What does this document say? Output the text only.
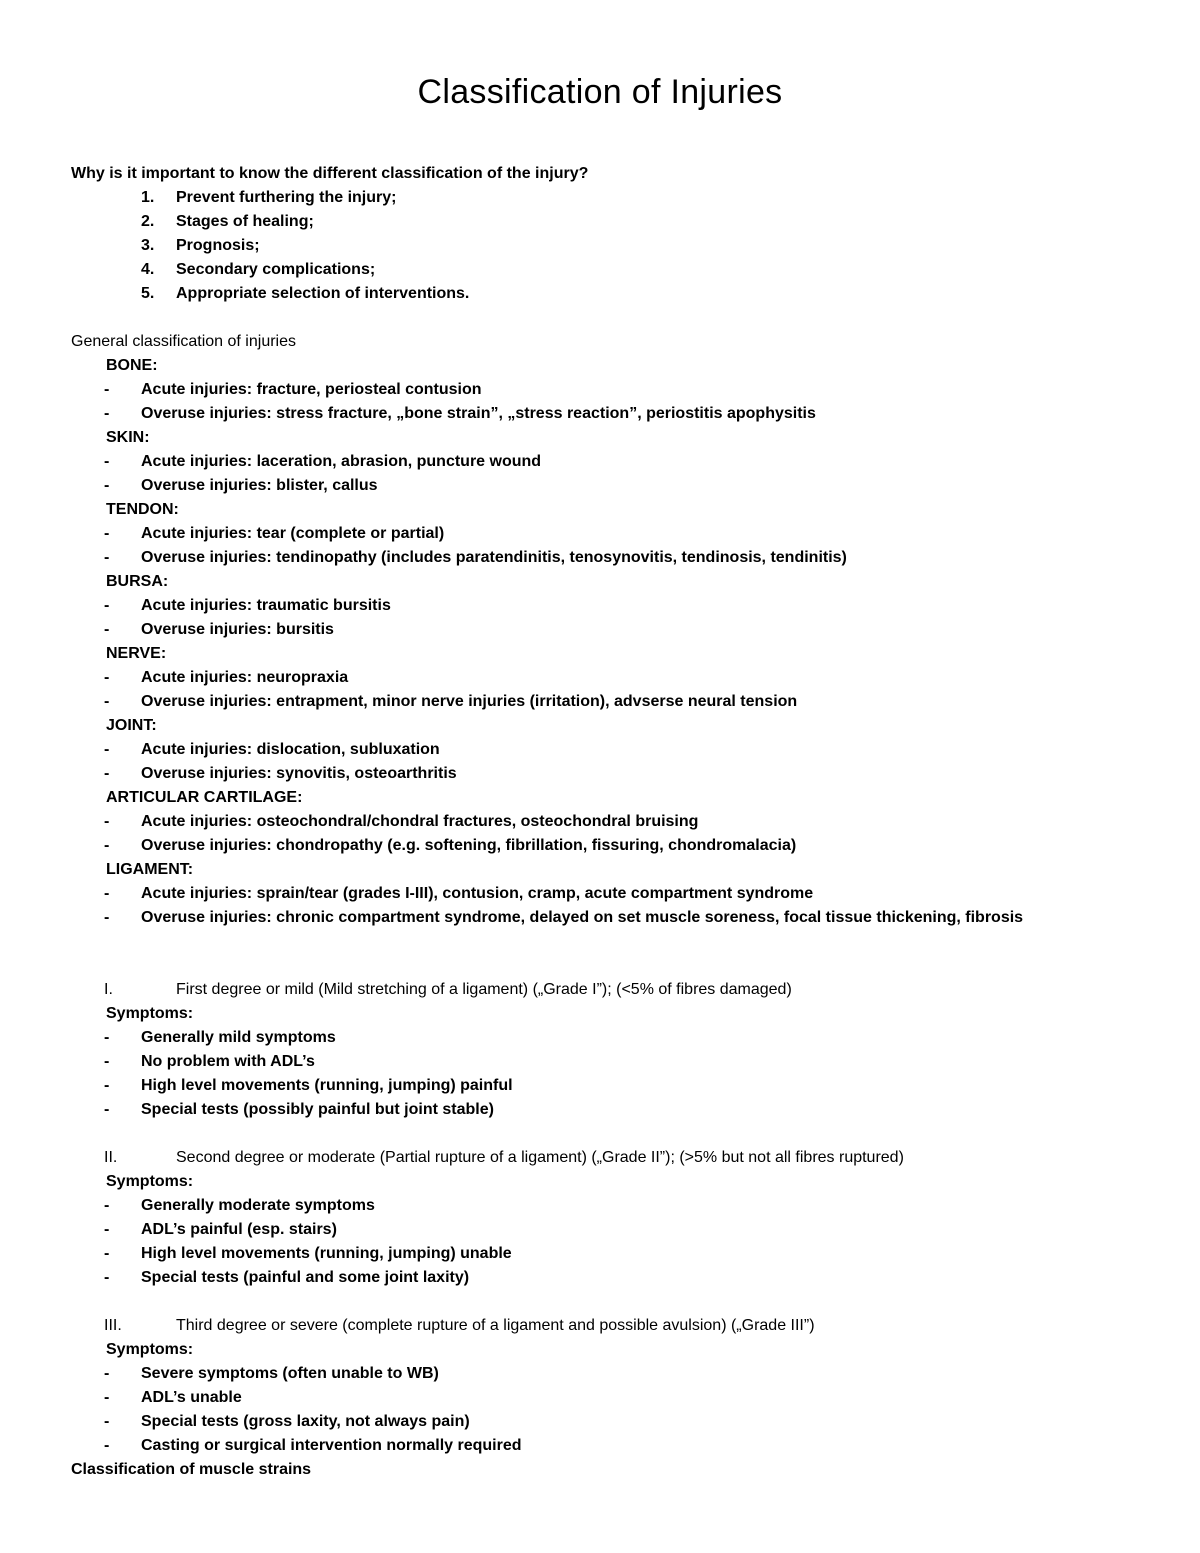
Classification of Injuries
Why is it important to know the different classification of the injury?
1. Prevent furthering the injury;
2. Stages of healing;
3. Prognosis;
4. Secondary complications;
5. Appropriate selection of interventions.
General classification of injuries
BONE:
- Acute injuries: fracture, periosteal contusion
- Overuse injuries: stress fracture, „bone strain”, „stress reaction”, periostitis apophysitis
SKIN:
- Acute injuries: laceration, abrasion, puncture wound
- Overuse injuries: blister, callus
TENDON:
- Acute injuries: tear (complete or partial)
- Overuse injuries: tendinopathy (includes paratendinitis, tenosynovitis, tendinosis, tendinitis)
BURSA:
- Acute injuries: traumatic bursitis
- Overuse injuries: bursitis
NERVE:
- Acute injuries: neuropraxia
- Overuse injuries: entrapment, minor nerve injuries (irritation), advserse neural tension
JOINT:
- Acute injuries: dislocation, subluxation
- Overuse injuries: synovitis, osteoarthritis
ARTICULAR CARTILAGE:
- Acute injuries: osteochondral/chondral fractures, osteochondral bruising
- Overuse injuries: chondropathy (e.g. softening, fibrillation, fissuring, chondromalacia)
LIGAMENT:
- Acute injuries: sprain/tear (grades I-III), contusion, cramp, acute compartment syndrome
- Overuse injuries: chronic compartment syndrome, delayed on set muscle soreness, focal tissue thickening, fibrosis
I.	First degree or mild (Mild stretching of a ligament) („Grade I”); (<5% of fibres damaged)
Symptoms:
- Generally mild symptoms
- No problem with ADL’s
- High level movements (running, jumping) painful
- Special tests (possibly painful but joint stable)
II.	Second degree or moderate (Partial rupture of a ligament) („Grade II”); (>5% but not all fibres ruptured)
Symptoms:
- Generally moderate symptoms
- ADL’s painful (esp. stairs)
- High level movements (running, jumping) unable
- Special tests (painful and some joint laxity)
III.	Third degree or severe (complete rupture of a ligament and possible avulsion) („Grade III”)
Symptoms:
- Severe symptoms (often unable to WB)
- ADL’s unable
- Special tests (gross laxity, not always pain)
- Casting or surgical intervention normally required
Classification of muscle strains
